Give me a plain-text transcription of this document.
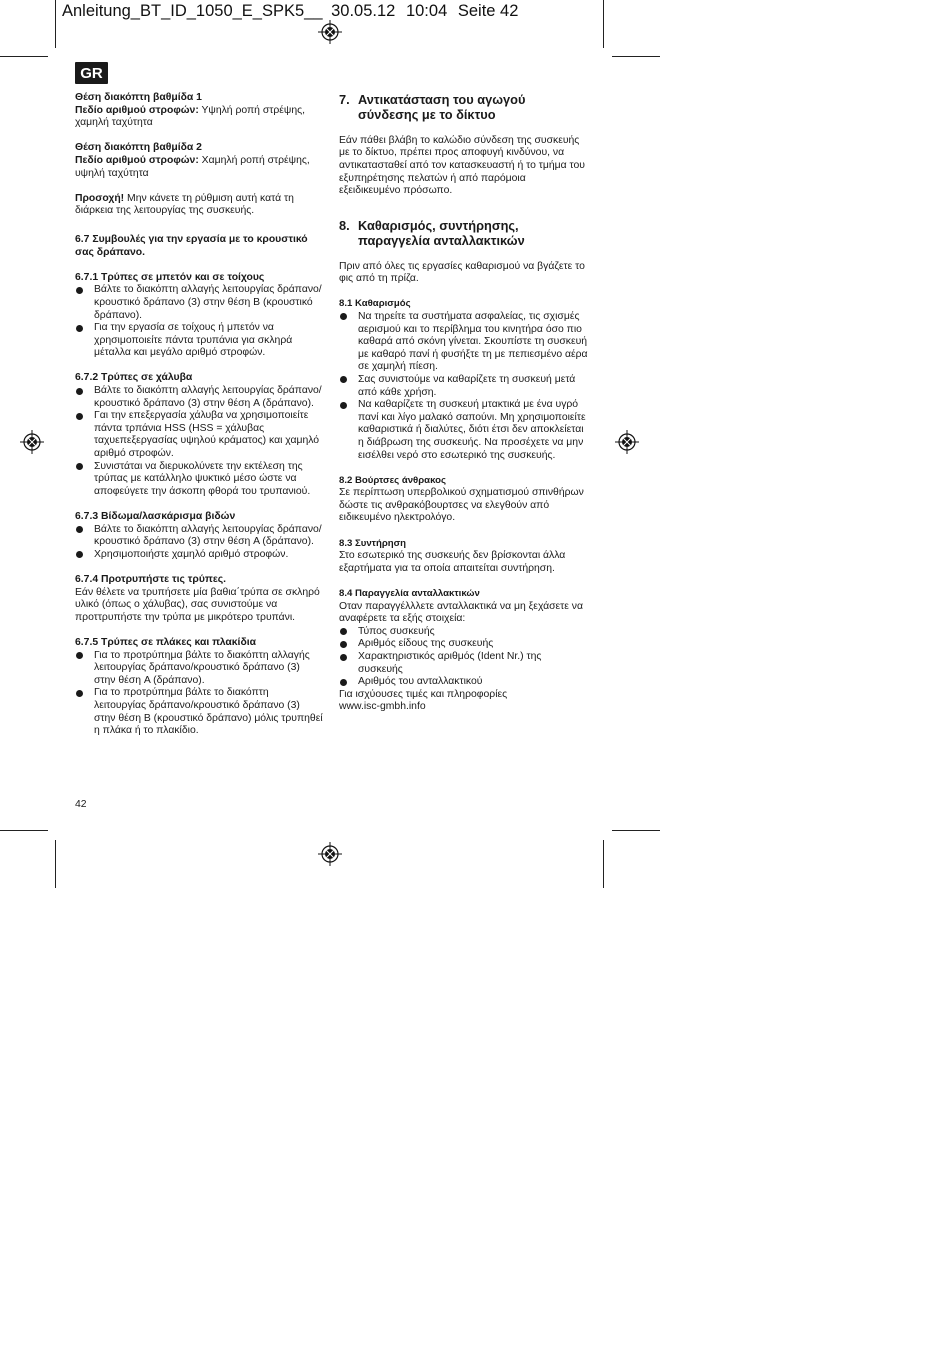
Anleitung_BT_ID_1050_E_SPK5__ 30.05.12 10:04 Seite 42
GR
Θέση διακόπτη βαθμίδα 1
Πεδίο αριθμού στροφών: Υψηλή ροπή στρέψης, χαμηλή ταχύτητα
Θέση διακόπτη βαθμίδα 2
Πεδίο αριθμού στροφών: Χαμηλή ροπή στρέψης, υψηλή ταχύτητα
Προσοχή! Μην κάνετε τη ρύθμιση αυτή κατά τη διάρκεια της λειτουργίας της συσκευής.
6.7 Συμβουλές για την εργασία με το κρουστικό σας δράπανο.
6.7.1 Τρύπες σε μπετόν και σε τοίχους
Βάλτε το διακόπτη αλλαγής λειτουργίας δράπανο/κρουστικό δράπανο (3) στην θέση B (κρουστικό δράπανο).
Για την εργασία σε τοίχους ή μπετόν να χρησιμοποιείτε πάντα τρυπάνια για σκληρά μέταλλα και μεγάλο αριθμό στροφών.
6.7.2 Τρύπες σε χάλυβα
Βάλτε το διακόπτη αλλαγής λειτουργίας δράπανο/κρουστικό δράπανο (3) στην θέση A (δράπανο).
Γαι την επεξεργασία χάλυβα να χρησιμοποιείτε πάντα τρπάνια HSS (HSS = χάλυβας ταχυεπεξεργασίας υψηλού κράματος) και χαμηλό αριθμό στροφών.
Συνιστάται να διερυκολύνετε την εκτέλεση της τρύπας με κατάλληλο ψυκτικό μέσο ώστε να αποφεύγετε την άσκοπη φθορά του τρυπανιού.
6.7.3 Βίδωμα/λασκάρισμα βιδών
Βάλτε το διακόπτη αλλαγής λειτουργίας δράπανο/κρουστικό δράπανο (3) στην θέση A (δράπανο).
Χρησιμοποιήστε χαμηλό αριθμό στροφών.
6.7.4 Προτρυπήστε τις τρύπες.
Εάν θέλετε να τρυπήσετε μία βαθια΄τρύπα σε σκληρό υλικό (όπως ο χάλυβας), σας συνιστούμε να προττρυπήστε την τρύπα με μικρότερο τρυπάνι.
6.7.5 Τρύπες σε πλάκες και πλακίδια
Για το προτρύπημα βάλτε το διακόπτη αλλαγής λειτουργίας δράπανο/κρουστικό δράπανο (3) στην θέση A (δράπανο).
Για το προτρύπημα βάλτε το διακόπτη λειτουργίας δράπανο/κρουστικό δράπανο (3) στην θέση B (κρουστικό δράπανο) μόλις τρυπηθεί η πλάκα ή το πλακίδιο.
7. Αντικατάσταση του αγωγού σύνδεσης με το δίκτυο
Εάν πάθει βλάβη το καλώδιο σύνδεση της συσκευής με το δίκτυο, πρέπει προς αποφυγή κινδύνου, να αντικατασταθεί από τον κατασκευαστή ή το τμήμα του εξυπηρέτησης πελατών ή από παρόμοια εξειδικευμένο πρόσωπο.
8. Καθαρισμός, συντήρησης, παραγγελία ανταλλακτικών
Πριν από όλες τις εργασίες καθαρισμού να βγάζετε το φις από τη πρίζα.
8.1 Καθαρισμός
Να τηρείτε τα συστήματα ασφαλείας, τις σχισμές αερισμού και το περίβλημα του κινητήρα όσο πιο καθαρά από σκόνη γίνεται. Σκουπίστε τη συσκευή με καθαρό πανί ή φυσήξτε τη με πεπιεσμένο αέρα σε χαμηλή πίεση.
Σας συνιστούμε να καθαρίζετε τη συσκευή μετά από κάθε χρήση.
Να καθαρίζετε τη συσκευή μτακτικά με ένα υγρό πανί και λίγο μαλακό σαπούνι. Μη χρησιμοποιείτε καθαριστικά ή διαλύτες, διότι έτσι δεν αποκλείεται η διάβρωση της συσκευής. Να προσέχετε να μην εισέλθει νερό στο εσωτερικό της συσκευής.
8.2 Βούρτσες άνθρακος
Σε περίπτωση υπερβολικού σχηματισμού σπινθήρων δώστε τις ανθρακόβουρτσες να ελεγθούν από ειδικευμένο ηλεκτρολόγο.
8.3 Συντήρηση
Στο εσωτερικό της συσκευής δεν βρίσκονται άλλα εξαρτήματα για τα οποία απαιτείται συντήρηση.
8.4 Παραγγελία ανταλλακτικών
Οταν παραγγέλλλετε ανταλλακτικά να μη ξεχάσετε να αναφέρετε τα εξής στοιχεία:
Τύπος συσκευής
Αριθμός είδους της συσκευής
Χαρακτηριστικός αριθμός (Ident Nr.) της συσκευής
Αριθμός του ανταλλακτικού
Για ισχύουσες τιμές και πληροφορίες
www.isc-gmbh.info
42
